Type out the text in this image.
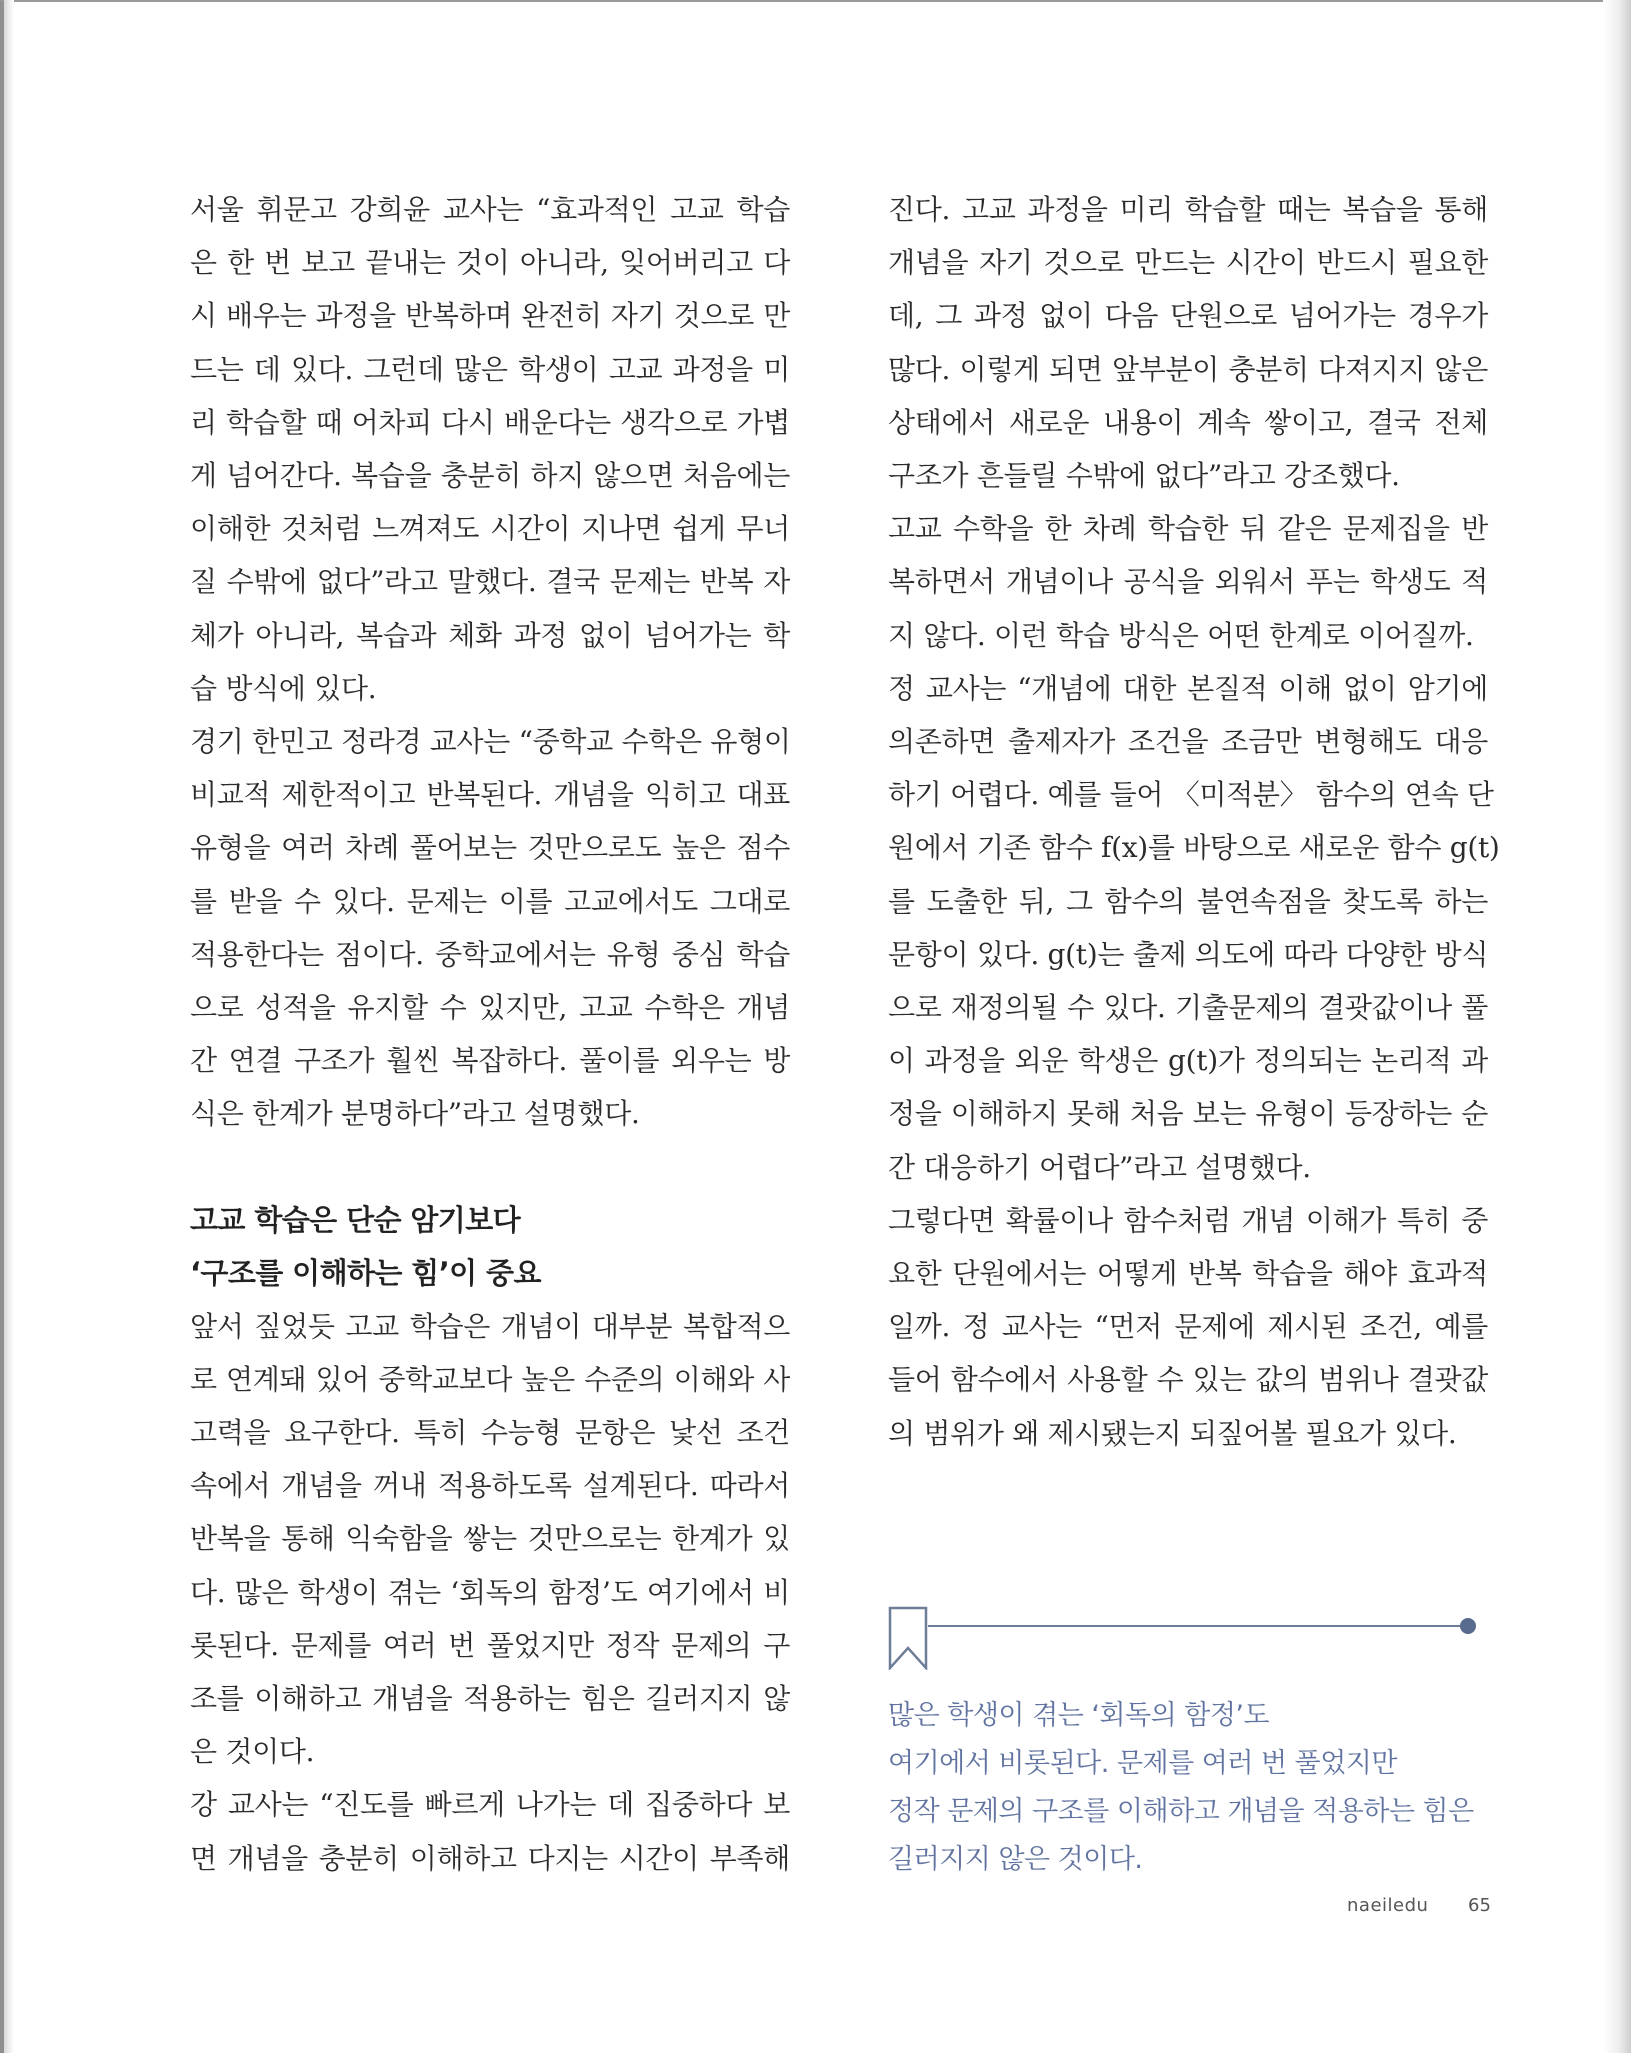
서울 휘문고 강희윤 교사는 “효과적인 고교 학습

은 한 번 보고 끝내는 것이 아니라, 잊어버리고 다

시 배우는 과정을 반복하며 완전히 자기 것으로 만

드는 데 있다. 그런데 많은 학생이 고교 과정을 미

리 학습할 때 어차피 다시 배운다는 생각으로 가볍

게 넘어간다. 복습을 충분히 하지 않으면 처음에는

이해한 것처럼 느껴져도 시간이 지나면 쉽게 무너

질 수밖에 없다”라고 말했다. 결국 문제는 반복 자

체가 아니라, 복습과 체화 과정 없이 넘어가는 학

습 방식에 있다.

경기 한민고 정라경 교사는 “중학교 수학은 유형이

비교적 제한적이고 반복된다. 개념을 익히고 대표

유형을 여러 차례 풀어보는 것만으로도 높은 점수

를 받을 수 있다. 문제는 이를 고교에서도 그대로

적용한다는 점이다. 중학교에서는 유형 중심 학습

으로 성적을 유지할 수 있지만, 고교 수학은 개념

간 연결 구조가 훨씬 복잡하다. 풀이를 외우는 방

식은 한계가 분명하다”라고 설명했다.

고교 학습은 단순 암기보다
‘구조를 이해하는 힘’이 중요

앞서 짚었듯 고교 학습은 개념이 대부분 복합적으

로 연계돼 있어 중학교보다 높은 수준의 이해와 사

고력을 요구한다. 특히 수능형 문항은 낯선 조건

속에서 개념을 꺼내 적용하도록 설계된다. 따라서

반복을 통해 익숙함을 쌓는 것만으로는 한계가 있

다. 많은 학생이 겪는 ‘회독의 함정’도 여기에서 비

롯된다. 문제를 여러 번 풀었지만 정작 문제의 구

조를 이해하고 개념을 적용하는 힘은 길러지지 않

은 것이다.

강 교사는 “진도를 빠르게 나가는 데 집중하다 보

면 개념을 충분히 이해하고 다지는 시간이 부족해

진다. 고교 과정을 미리 학습할 때는 복습을 통해

개념을 자기 것으로 만드는 시간이 반드시 필요한

데, 그 과정 없이 다음 단원으로 넘어가는 경우가

많다. 이렇게 되면 앞부분이 충분히 다져지지 않은

상태에서 새로운 내용이 계속 쌓이고, 결국 전체

구조가 흔들릴 수밖에 없다”라고 강조했다.

고교 수학을 한 차례 학습한 뒤 같은 문제집을 반

복하면서 개념이나 공식을 외워서 푸는 학생도 적

지 않다. 이런 학습 방식은 어떤 한계로 이어질까.

정 교사는 “개념에 대한 본질적 이해 없이 암기에

의존하면 출제자가 조건을 조금만 변형해도 대응

하기 어렵다. 예를 들어 〈미적분〉 함수의 연속 단

원에서 기존 함수 f(x)를 바탕으로 새로운 함수 g(t)

를 도출한 뒤, 그 함수의 불연속점을 찾도록 하는

문항이 있다. g(t)는 출제 의도에 따라 다양한 방식

으로 재정의될 수 있다. 기출문제의 결괏값이나 풀

이 과정을 외운 학생은 g(t)가 정의되는 논리적 과

정을 이해하지 못해 처음 보는 유형이 등장하는 순

간 대응하기 어렵다”라고 설명했다.

그렇다면 확률이나 함수처럼 개념 이해가 특히 중

요한 단원에서는 어떻게 반복 학습을 해야 효과적

일까. 정 교사는 “먼저 문제에 제시된 조건, 예를

들어 함수에서 사용할 수 있는 값의 범위나 결괏값

의 범위가 왜 제시됐는지 되짚어볼 필요가 있다.

많은 학생이 겪는 ‘회독의 함정’도
여기에서 비롯된다. 문제를 여러 번 풀었지만
정작 문제의 구조를 이해하고 개념을 적용하는 힘은
길러지지 않은 것이다.
naeiledu 65
